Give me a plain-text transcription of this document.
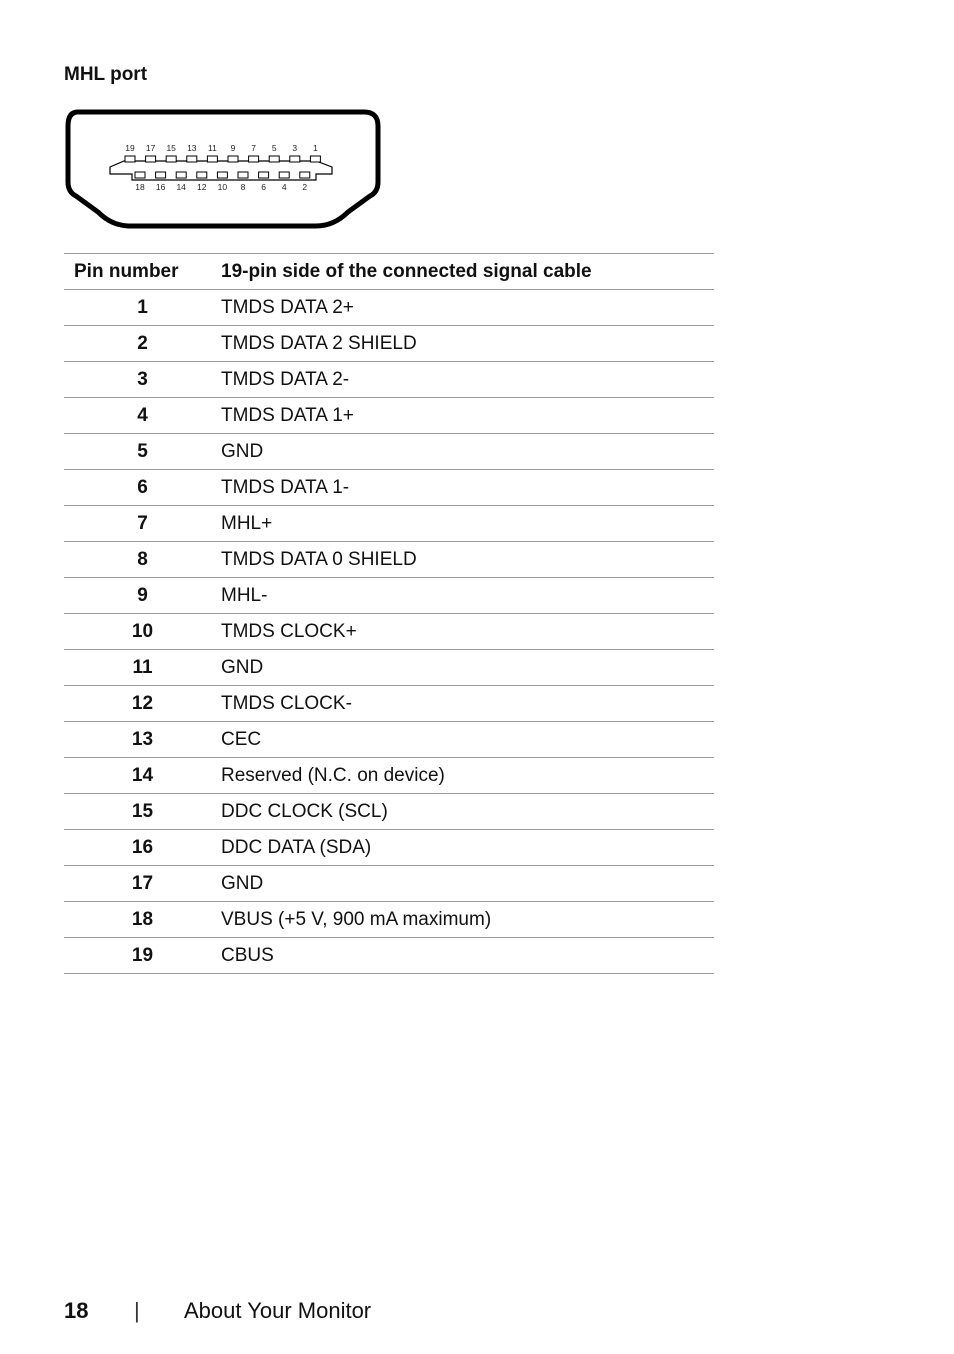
MHL port
19 17 15 13 11 9 7 5 3 1
18 16 14 12 10 8 6 4 2
Pin number	19-pin side of the connected signal cable
1	TMDS DATA 2+
2	TMDS DATA 2 SHIELD
3	TMDS DATA 2-
4	TMDS DATA 1+
5	GND
6	TMDS DATA 1-
7	MHL+
8	TMDS DATA 0 SHIELD
9	MHL-
10	TMDS CLOCK+
11	GND
12	TMDS CLOCK-
13	CEC
14	Reserved (N.C. on device)
15	DDC CLOCK (SCL)
16	DDC DATA (SDA)
17	GND
18	VBUS (+5 V, 900 mA maximum)
19	CBUS
18	|	About Your Monitor
